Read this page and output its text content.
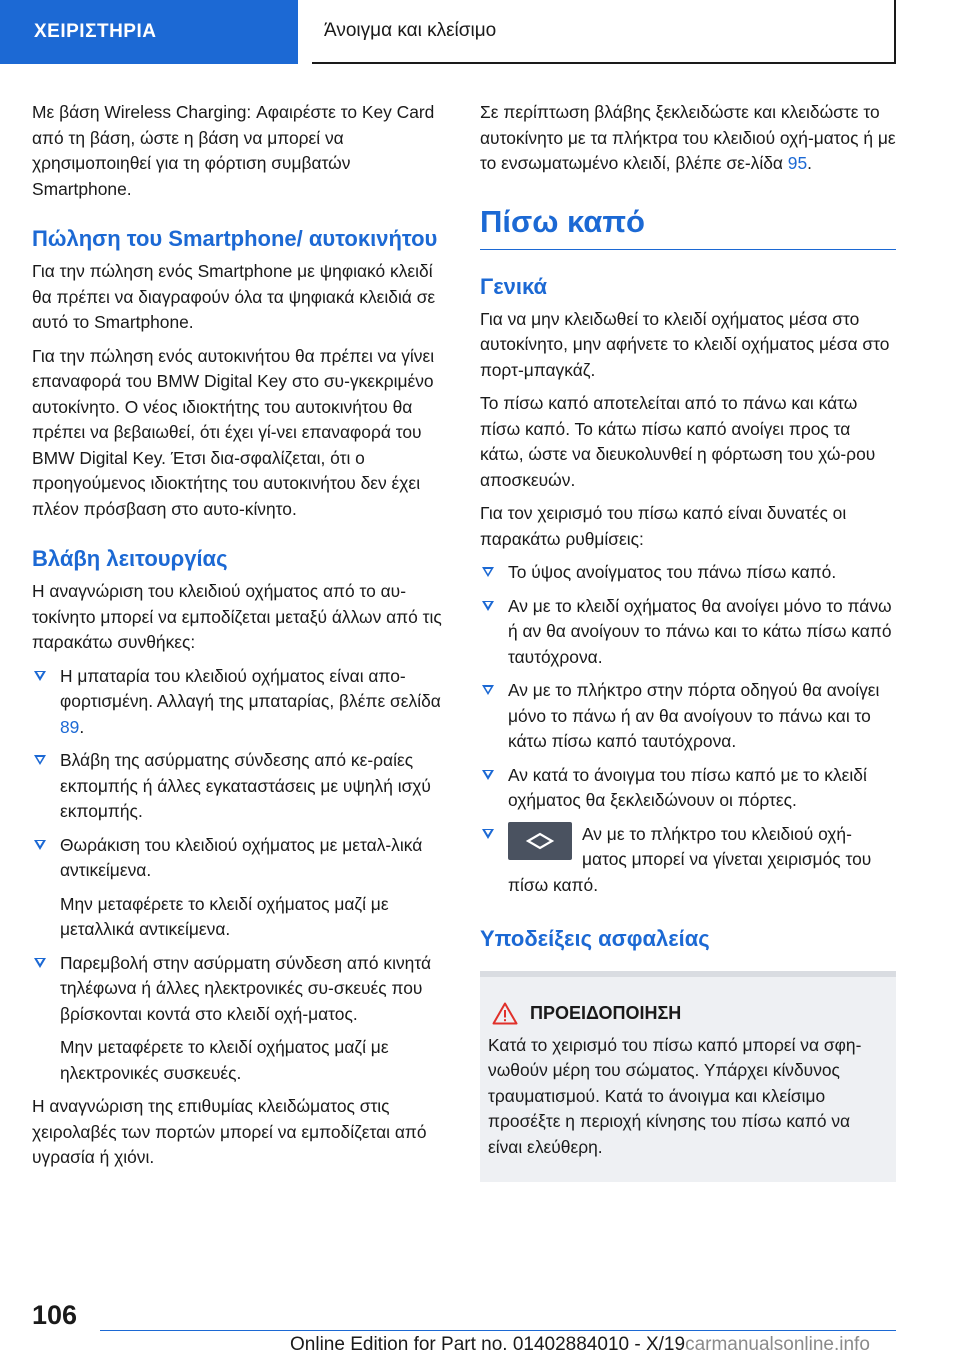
ΧΕΙΡΙΣΤΗΡΙΑ	Άνοιγμα και κλείσιμο

Με βάση Wireless Charging: Αφαιρέστε το Key Card από τη βάση, ώστε η βάση να μπορεί να χρησιμοποιηθεί για τη φόρτιση συμβατών Smartphone.

Πώληση του Smartphone/ αυτοκινήτου

Για την πώληση ενός Smartphone με ψηφιακό κλειδί θα πρέπει να διαγραφούν όλα τα ψηφιακά κλειδιά σε αυτό το Smartphone.

Για την πώληση ενός αυτοκινήτου θα πρέπει να γίνει επαναφορά του BMW Digital Key στο συ-γκεκριμένο αυτοκίνητο. Ο νέος ιδιοκτήτης του αυτοκινήτου θα πρέπει να βεβαιωθεί, ότι έχει γί-νει επαναφορά του BMW Digital Key. Έτσι δια-σφαλίζεται, ότι ο προηγούμενος ιδιοκτήτης του αυτοκινήτου δεν έχει πλέον πρόσβαση στο αυτο-κίνητο.

Βλάβη λειτουργίας

Η αναγνώριση του κλειδιού οχήματος από το αυ-τοκίνητο μπορεί να εμποδίζεται μεταξύ άλλων από τις παρακάτω συνθήκες:

Η μπαταρία του κλειδιού οχήματος είναι απο-φορτισμένη. Αλλαγή της μπαταρίας, βλέπε σελίδα 89.
Βλάβη της ασύρματης σύνδεσης από κε-ραίες εκπομπής ή άλλες εγκαταστάσεις με υψηλή ισχύ εκπομπής.
Θωράκιση του κλειδιού οχήματος με μεταλ-λικά αντικείμενα.
Μην μεταφέρετε το κλειδί οχήματος μαζί με μεταλλικά αντικείμενα.
Παρεμβολή στην ασύρματη σύνδεση από κινητά τηλέφωνα ή άλλες ηλεκτρονικές συ-σκευές που βρίσκονται κοντά στο κλειδί οχή-ματος.
Μην μεταφέρετε το κλειδί οχήματος μαζί με ηλεκτρονικές συσκευές.

Η αναγνώριση της επιθυμίας κλειδώματος στις χειρολαβές των πορτών μπορεί να εμποδίζεται από υγρασία ή χιόνι.

Σε περίπτωση βλάβης ξεκλειδώστε και κλειδώστε το αυτοκίνητο με τα πλήκτρα του κλειδιού οχή-ματος ή με το ενσωματωμένο κλειδί, βλέπε σε-λίδα 95.

Πίσω καπό
Γενικά

Για να μην κλειδωθεί το κλειδί οχήματος μέσα στο αυτοκίνητο, μην αφήνετε το κλειδί οχήματος μέσα στο πορτ-μπαγκάζ.

Το πίσω καπό αποτελείται από το πάνω και κάτω πίσω καπό. Το κάτω πίσω καπό ανοίγει προς τα κάτω, ώστε να διευκολυνθεί η φόρτωση του χώ-ρου αποσκευών.

Για τον χειρισμό του πίσω καπό είναι δυνατές οι παρακάτω ρυθμίσεις:

Το ύψος ανοίγματος του πάνω πίσω καπό.
Αν με το κλειδί οχήματος θα ανοίγει μόνο το πάνω ή αν θα ανοίγουν το πάνω και το κάτω πίσω καπό ταυτόχρονα.
Αν με το πλήκτρο στην πόρτα οδηγού θα ανοίγει μόνο το πάνω ή αν θα ανοίγουν το πάνω και το κάτω πίσω καπό ταυτόχρονα.
Αν κατά το άνοιγμα του πίσω καπό με το κλειδί οχήματος θα ξεκλειδώνουν οι πόρτες.
Αν με το πλήκτρο του κλειδιού οχή-ματος μπορεί να γίνεται χειρισμός του πίσω καπό.
Υποδείξεις ασφαλείας
ΠΡΟΕΙΔΟΠΟΙΗΣΗ
Κατά το χειρισμό του πίσω καπό μπορεί να σφη-νωθούν μέρη του σώματος. Υπάρχει κίνδυνος τραυματισμού. Κατά το άνοιγμα και κλείσιμο προσέξτε η περιοχή κίνησης του πίσω καπό να είναι ελεύθερη.
106
Online Edition for Part no. 01402884010 - X/19carmanualsonline.info
